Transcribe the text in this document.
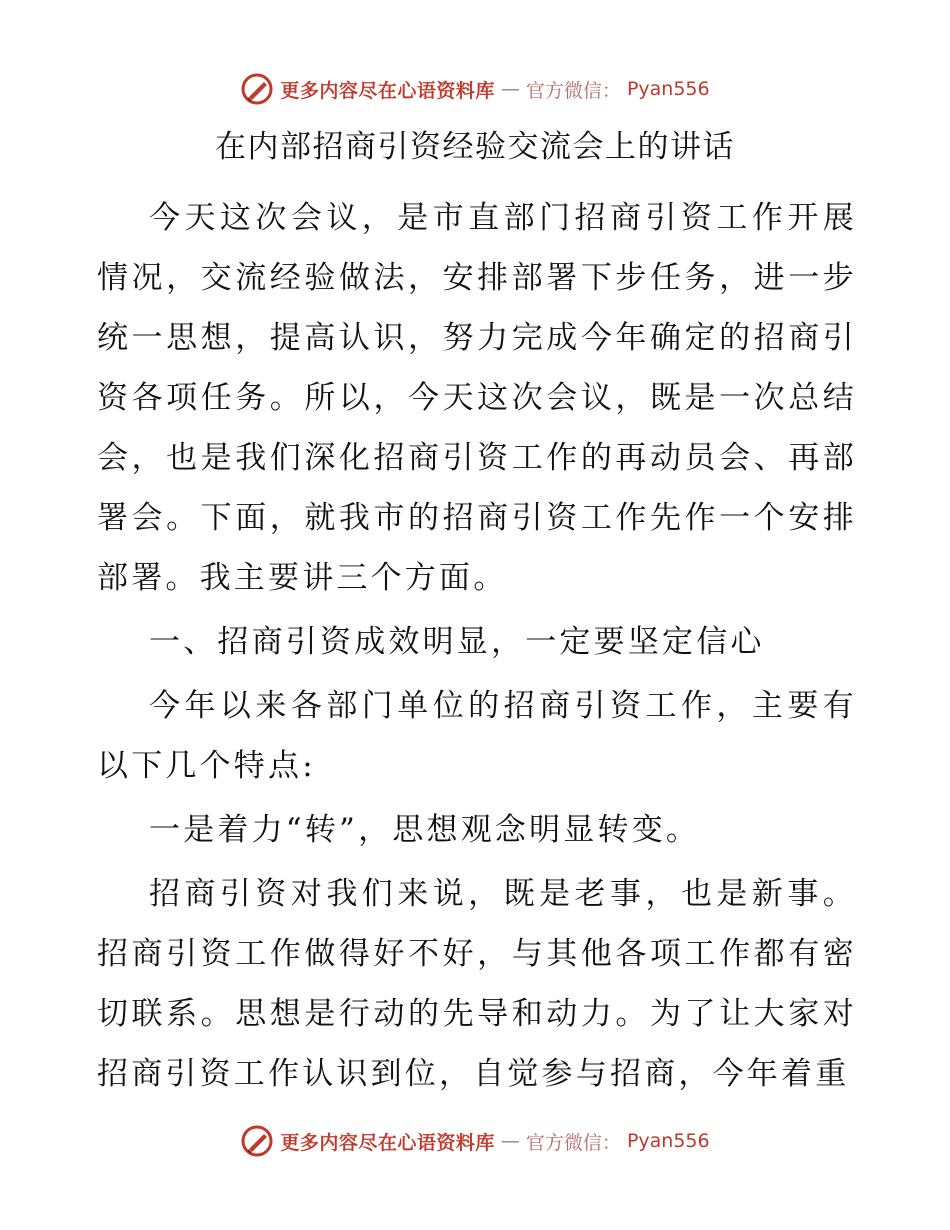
更多内容尽在心语资料库 — 官方微信： Pyan556
在内部招商引资经验交流会上的讲话

今天这次会议，是市直部门招商引资工作开展情况，交流经验做法，安排部署下步任务，进一步统一思想，提高认识，努力完成今年确定的招商引资各项任务。所以，今天这次会议，既是一次总结会，也是我们深化招商引资工作的再动员会、再部署会。下面，就我市的招商引资工作先作一个安排部署。我主要讲三个方面。

一、招商引资成效明显，一定要坚定信心

今年以来各部门单位的招商引资工作，主要有以下几个特点:

一是着力“转”，思想观念明显转变。

招商引资对我们来说，既是老事，也是新事。招商引资工作做得好不好，与其他各项工作都有密切联系。思想是行动的先导和动力。为了让大家对招商引资工作认识到位，自觉参与招商，今年着重

更多内容尽在心语资料库 — 官方微信： Pyan556
